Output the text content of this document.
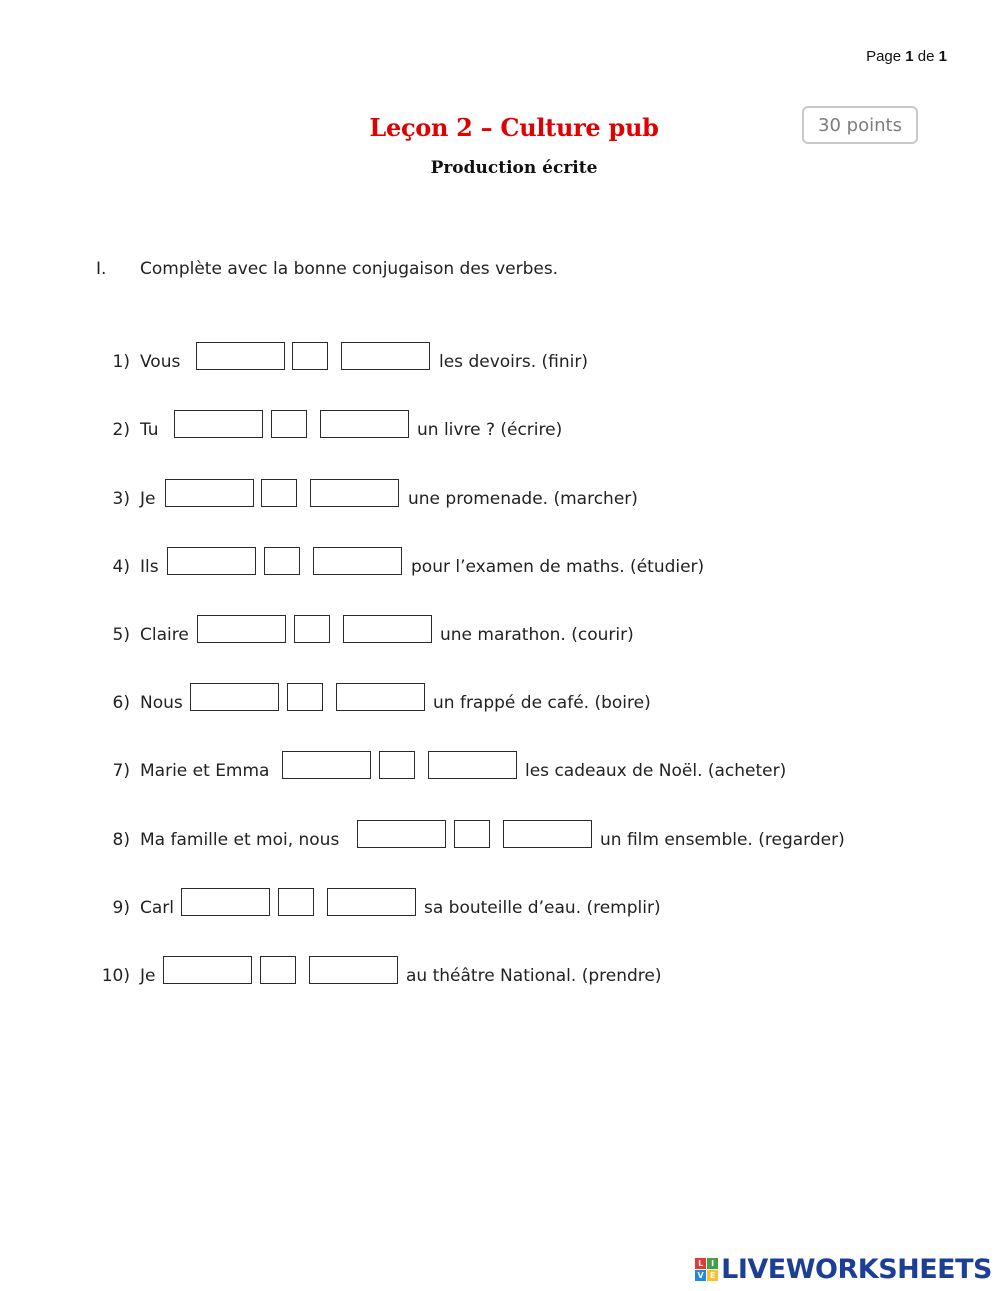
Page 1 de 1
Leçon 2 – Culture pub
Production écrite
30 points
I. Complète avec la bonne conjugaison des verbes.
1) Vous	les devoirs. (finir)
2) Tu	un livre ? (écrire)
3) Je	une promenade. (marcher)
4) Ils	pour l’examen de maths. (étudier)
5) Claire	une marathon. (courir)
6) Nous	un frappé de café. (boire)
7) Marie et Emma	les cadeaux de Noël. (acheter)
8) Ma famille et moi, nous	un film ensemble. (regarder)
9) Carl	sa bouteille d’eau. (remplir)
10) Je	au théâtre National. (prendre)
L I
V E LIVEWORKSHEETS
